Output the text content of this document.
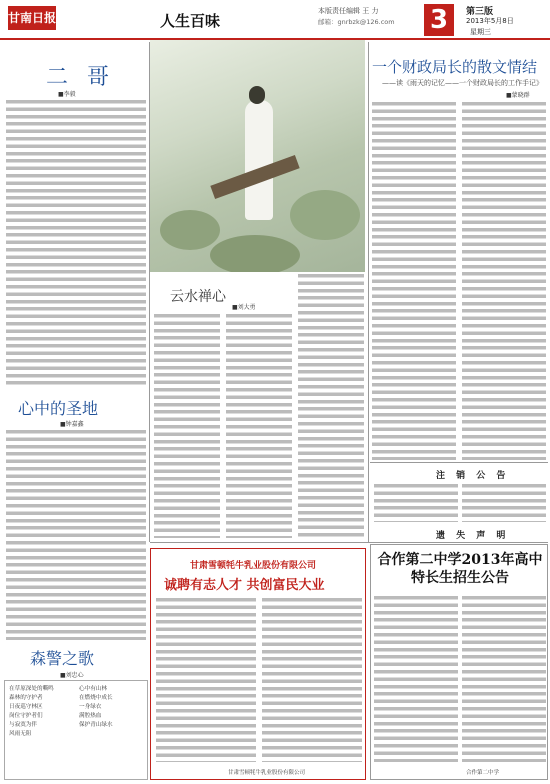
甘南日报	人生百味
本版责任编辑 王 力
邮箱：gnrbzk@126.com 3	第三版
2013年5月8日
星期三
二 哥
■李毅
心中的圣地
■钟嘉鑫
森警之歌
■刘忠心
在草原深处的嘶鸣
森林的守护者
日夜巡守林区
岗位守护者们
与寂寞为伴
风雨无阻
心中有山林
在燃烧中成长
一身绿衣
满腔热血
保护青山绿水
云水禅心
■刘大勇
一个财政局长的散文情结
——读《雨天的记忆——一个财政局长的工作手记》
■蒙晓群
注 销 公 告
遗 失 声 明
甘肃雪顿牦牛乳业股份有限公司
诚聘有志人才 共创富民大业
甘肃雪顿牦牛乳业股份有限公司
合作第二中学2013年高中特长生招生公告
合作第二中学
